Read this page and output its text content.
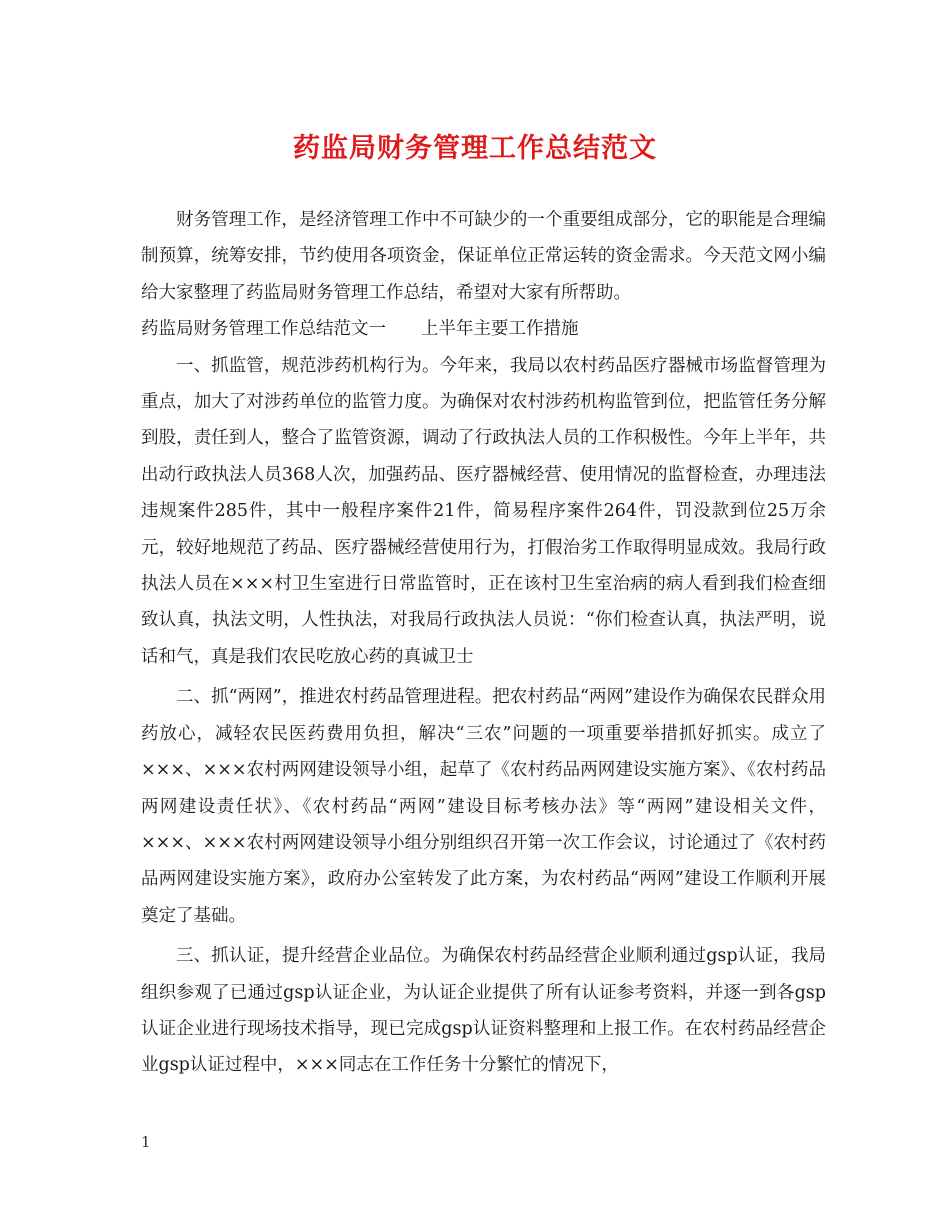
药监局财务管理工作总结范文

财务管理工作，是经济管理工作中不可缺少的一个重要组成部分，它的职能是合理编制预算，统筹安排，节约使用各项资金，保证单位正常运转的资金需求。今天范文网小编给大家整理了药监局财务管理工作总结，希望对大家有所帮助。

药监局财务管理工作总结范文一　　上半年主要工作措施

一、抓监管，规范涉药机构行为。今年来，我局以农村药品医疗器械市场监督管理为重点，加大了对涉药单位的监管力度。为确保对农村涉药机构监管到位，把监管任务分解到股，责任到人，整合了监管资源，调动了行政执法人员的工作积极性。今年上半年，共出动行政执法人员368人次，加强药品、医疗器械经营、使用情况的监督检查，办理违法违规案件285件，其中一般程序案件21件，简易程序案件264件，罚没款到位25万余元，较好地规范了药品、医疗器械经营使用行为，打假治劣工作取得明显成效。我局行政执法人员在×××村卫生室进行日常监管时，正在该村卫生室治病的病人看到我们检查细致认真，执法文明，人性执法，对我局行政执法人员说：“你们检查认真，执法严明，说话和气，真是我们农民吃放心药的真诚卫士

二、抓“两网”，推进农村药品管理进程。把农村药品“两网”建设作为确保农民群众用药放心，减轻农民医药费用负担，解决“三农”问题的一项重要举措抓好抓实。成立了×××、×××农村两网建设领导小组，起草了《农村药品两网建设实施方案》、《农村药品两网建设责任状》、《农村药品“两网”建设目标考核办法》等“两网”建设相关文件，×××、×××农村两网建设领导小组分别组织召开第一次工作会议，讨论通过了《农村药品两网建设实施方案》，政府办公室转发了此方案，为农村药品“两网”建设工作顺利开展奠定了基础。

三、抓认证，提升经营企业品位。为确保农村药品经营企业顺利通过gsp认证，我局组织参观了已通过gsp认证企业，为认证企业提供了所有认证参考资料，并逐一到各gsp认证企业进行现场技术指导，现已完成gsp认证资料整理和上报工作。在农村药品经营企业gsp认证过程中，×××同志在工作任务十分繁忙的情况下，

1
